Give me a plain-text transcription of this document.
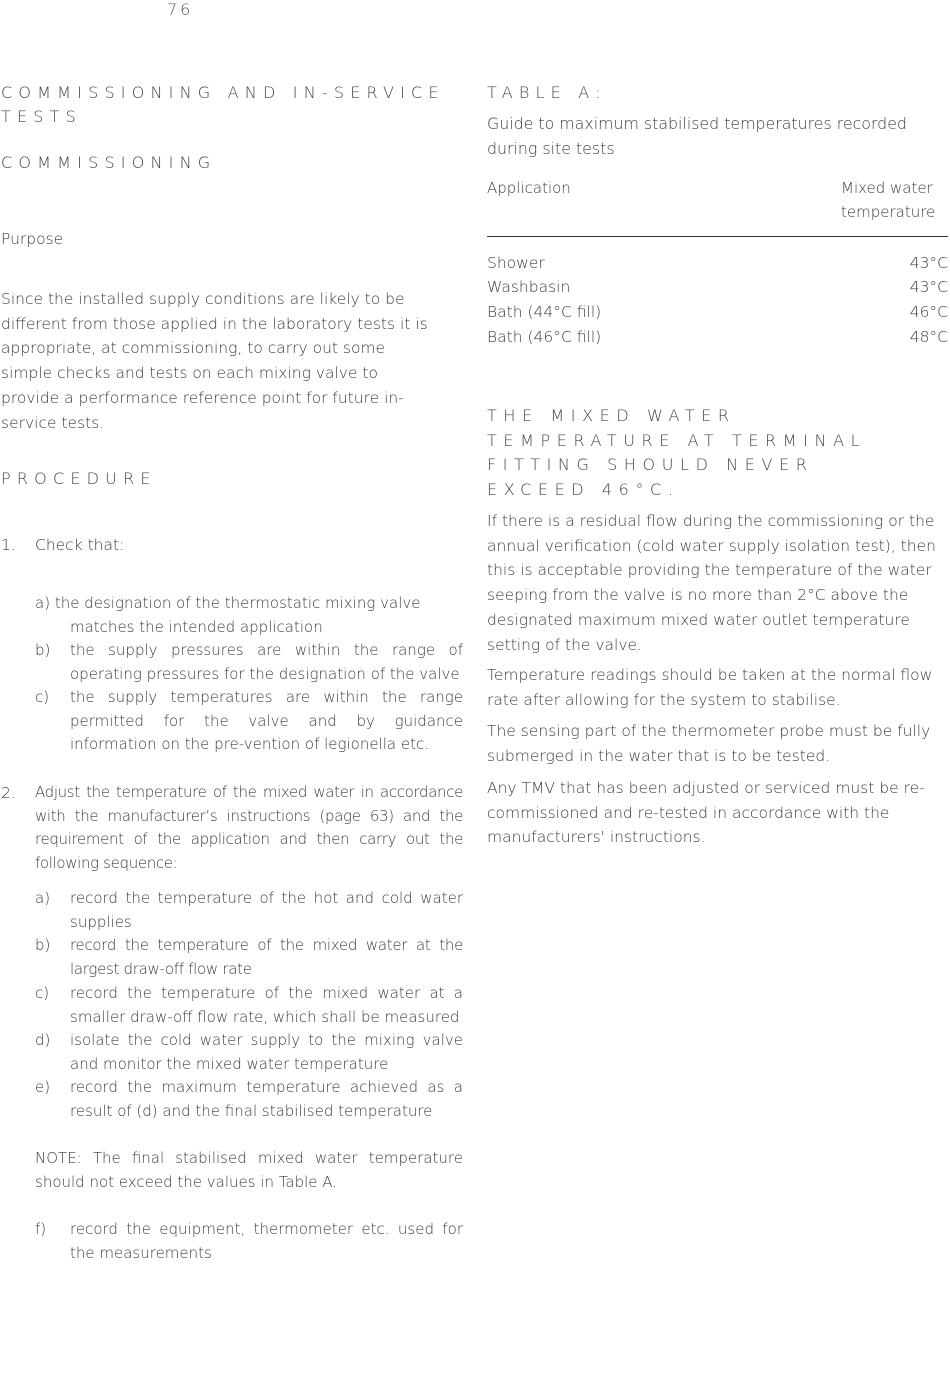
76
COMMISSIONING AND IN-SERVICE TESTS
COMMISSIONING
Purpose
Since the installed supply conditions are likely to be different from those applied in the laboratory tests it is appropriate, at commissioning, to carry out some simple checks and tests on each mixing valve to provide a performance reference point for future in-service tests.
PROCEDURE
1. Check that:
a) the designation of the thermostatic mixing valve matches the intended application
b)	the supply pressures are within the range of operating pressures for the designation of the valve
c)	the supply temperatures are within the range permitted for the valve and by guidance information on the pre-vention of legionella etc.
2. Adjust the temperature of the mixed water in accordance with the manufacturer’s instructions (page 63) and the requirement of the application and then carry out the following sequence:
a)	record the temperature of the hot and cold water supplies
b)	record the temperature of the mixed water at the largest draw-off flow rate
c)	record the temperature of the mixed water at a smaller draw-off flow rate, which shall be measured
d)	isolate the cold water supply to the mixing valve and monitor the mixed water temperature
e)	record the maximum temperature achieved as a result of (d) and the final stabilised temperature
NOTE: The final stabilised mixed water temperature should not exceed the values in Table A.
f)	record the equipment, thermometer etc. used for the measurements
TABLE A:
Guide to maximum stabilised temperatures recorded during site tests
Application	Mixed water
temperature
Shower	43°C
Washbasin	43°C
Bath (44°C fill)	46°C
Bath (46°C fill)	48°C
THE MIXED WATER TEMPERATURE AT TERMINAL FITTING SHOULD NEVER EXCEED 46°C.
If there is a residual flow during the commissioning or the annual verification (cold water supply isolation test), then this is acceptable providing the temperature of the water seeping from the valve is no more than 2°C above the designated maximum mixed water outlet temperature setting of the valve.
Temperature readings should be taken at the normal flow rate after allowing for the system to stabilise.
The sensing part of the thermometer probe must be fully submerged in the water that is to be tested.
Any TMV that has been adjusted or serviced must be re-commissioned and re-tested in accordance with the manufacturers' instructions.
